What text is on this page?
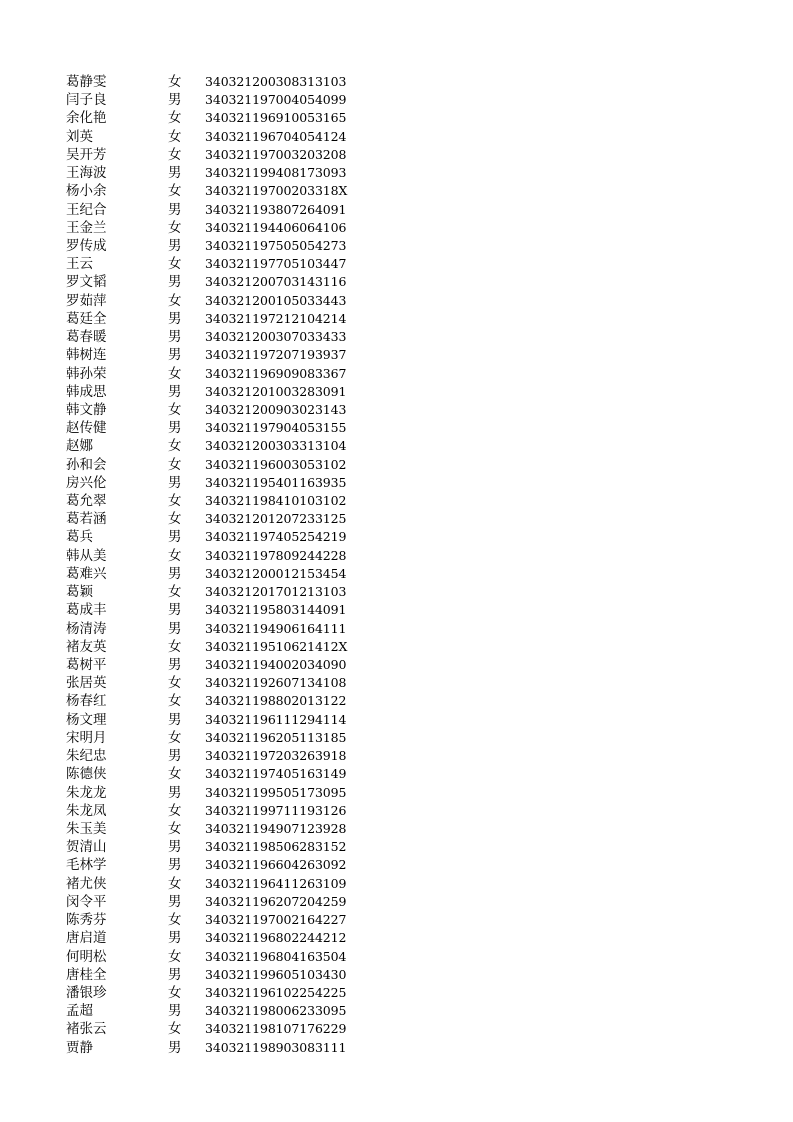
葛静雯	女 340321200308313103
闫子良	男 340321197004054099
余化艳	女 340321196910053165
刘英	女 340321196704054124
吴开芳	女 340321197003203208
王海波	男 340321199408173093
杨小余	女 34032119700203318X
王纪合	男 340321193807264091
王金兰	女 340321194406064106
罗传成	男 340321197505054273
王云	女 340321197705103447
罗文韬	男 340321200703143116
罗茹萍	女 340321200105033443
葛廷全	男 340321197212104214
葛春暖	男 340321200307033433
韩树连	男 340321197207193937
韩孙荣	女 340321196909083367
韩成思	男 340321201003283091
韩文静	女 340321200903023143
赵传健	男 340321197904053155
赵娜	女 340321200303313104
孙和会	女 340321196003053102
房兴伦	男 340321195401163935
葛允翠	女 340321198410103102
葛若涵	女 340321201207233125
葛兵	男 340321197405254219
韩从美	女 340321197809244228
葛难兴	男 340321200012153454
葛颖	女 340321201701213103
葛成丰	男 340321195803144091
杨清涛	男 340321194906164111
褚友英	女 34032119510621412X
葛树平	男 340321194002034090
张居英	女 340321192607134108
杨春红	女 340321198802013122
杨文理	男 340321196111294114
宋明月	女 340321196205113185
朱纪忠	男 340321197203263918
陈德侠	女 340321197405163149
朱龙龙	男 340321199505173095
朱龙凤	女 340321199711193126
朱玉美	女 340321194907123928
贺清山	男 340321198506283152
毛林学	男 340321196604263092
褚尤侠	女 340321196411263109
闵令平	男 340321196207204259
陈秀芬	女 340321197002164227
唐启道	男 340321196802244212
何明松	女 340321196804163504
唐桂全	男 340321199605103430
潘银珍	女 340321196102254225
孟超	男 340321198006233095
褚张云	女 340321198107176229
贾静	男 340321198903083111
